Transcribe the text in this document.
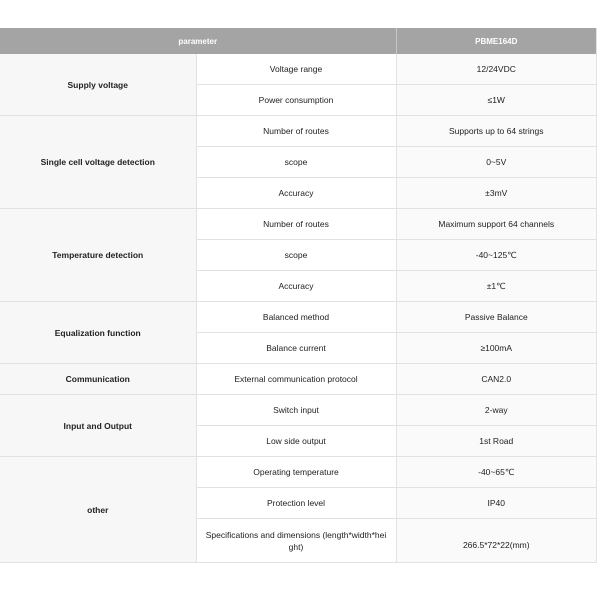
parameter		PBME164D
Supply voltage	Voltage range	12/24VDC
	Power consumption	≤1W
Single cell voltage detection	Number of routes	Supports up to 64 strings
	scope	0~5V
	Accuracy	±3mV
Temperature detection	Number of routes	Maximum support 64 channels
	scope	-40~125℃
	Accuracy	±1℃
Equalization function	Balanced method	Passive Balance
	Balance current	≥100mA
Communication	External communication protocol	CAN2.0
Input and Output	Switch input	2-way
	Low side output	1st Road
other	Operating temperature	-40~65℃
	Protection level	IP40
	Specifications and dimensions (length*width*height)	266.5*72*22(mm)
